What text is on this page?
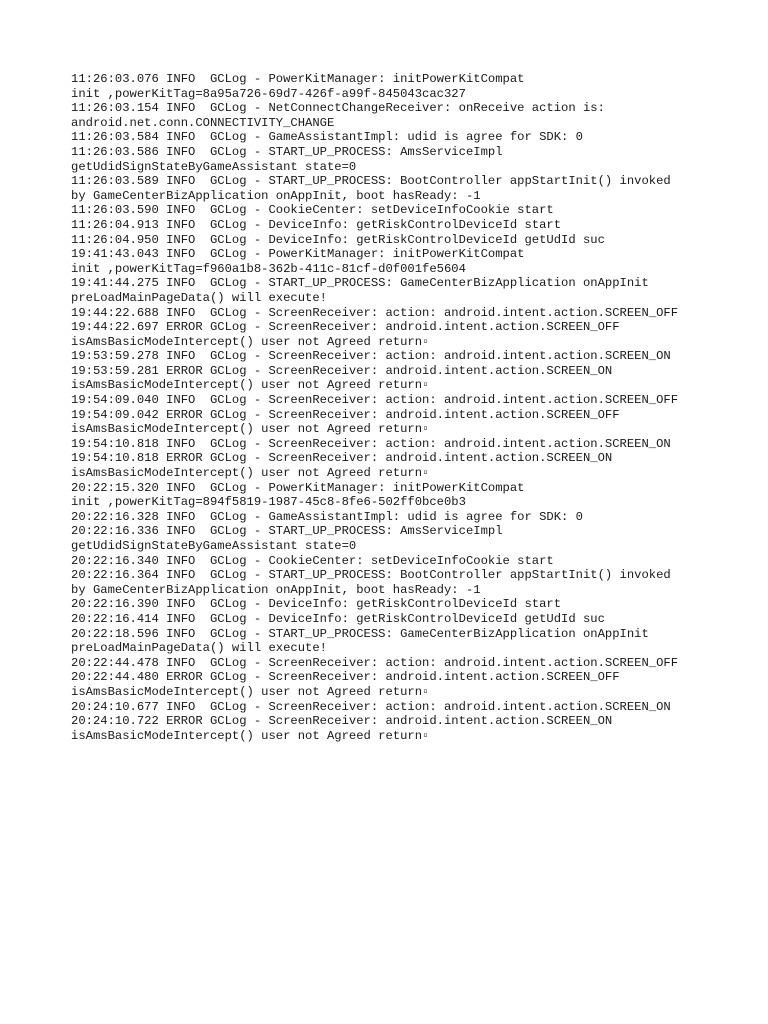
11:26:03.076 INFO  GCLog - PowerKitManager: initPowerKitCompat
init ,powerKitTag=8a95a726-69d7-426f-a99f-845043cac327
11:26:03.154 INFO  GCLog - NetConnectChangeReceiver: onReceive action is:
android.net.conn.CONNECTIVITY_CHANGE
11:26:03.584 INFO  GCLog - GameAssistantImpl: udid is agree for SDK: 0
11:26:03.586 INFO  GCLog - START_UP_PROCESS: AmsServiceImpl
getUdidSignStateByGameAssistant state=0
11:26:03.589 INFO  GCLog - START_UP_PROCESS: BootController appStartInit() invoked
by GameCenterBizApplication onAppInit, boot hasReady: -1
11:26:03.590 INFO  GCLog - CookieCenter: setDeviceInfoCookie start
11:26:04.913 INFO  GCLog - DeviceInfo: getRiskControlDeviceId start
11:26:04.950 INFO  GCLog - DeviceInfo: getRiskControlDeviceId getUdId suc
19:41:43.043 INFO  GCLog - PowerKitManager: initPowerKitCompat
init ,powerKitTag=f960a1b8-362b-411c-81cf-d0f001fe5604
19:41:44.275 INFO  GCLog - START_UP_PROCESS: GameCenterBizApplication onAppInit
preLoadMainPageData() will execute!
19:44:22.688 INFO  GCLog - ScreenReceiver: action: android.intent.action.SCREEN_OFF
19:44:22.697 ERROR GCLog - ScreenReceiver: android.intent.action.SCREEN_OFF
isAmsBasicModeIntercept() user not Agreed return▫
19:53:59.278 INFO  GCLog - ScreenReceiver: action: android.intent.action.SCREEN_ON
19:53:59.281 ERROR GCLog - ScreenReceiver: android.intent.action.SCREEN_ON
isAmsBasicModeIntercept() user not Agreed return▫
19:54:09.040 INFO  GCLog - ScreenReceiver: action: android.intent.action.SCREEN_OFF
19:54:09.042 ERROR GCLog - ScreenReceiver: android.intent.action.SCREEN_OFF
isAmsBasicModeIntercept() user not Agreed return▫
19:54:10.818 INFO  GCLog - ScreenReceiver: action: android.intent.action.SCREEN_ON
19:54:10.818 ERROR GCLog - ScreenReceiver: android.intent.action.SCREEN_ON
isAmsBasicModeIntercept() user not Agreed return▫
20:22:15.320 INFO  GCLog - PowerKitManager: initPowerKitCompat
init ,powerKitTag=894f5819-1987-45c8-8fe6-502ff0bce0b3
20:22:16.328 INFO  GCLog - GameAssistantImpl: udid is agree for SDK: 0
20:22:16.336 INFO  GCLog - START_UP_PROCESS: AmsServiceImpl
getUdidSignStateByGameAssistant state=0
20:22:16.340 INFO  GCLog - CookieCenter: setDeviceInfoCookie start
20:22:16.364 INFO  GCLog - START_UP_PROCESS: BootController appStartInit() invoked
by GameCenterBizApplication onAppInit, boot hasReady: -1
20:22:16.390 INFO  GCLog - DeviceInfo: getRiskControlDeviceId start
20:22:16.414 INFO  GCLog - DeviceInfo: getRiskControlDeviceId getUdId suc
20:22:18.596 INFO  GCLog - START_UP_PROCESS: GameCenterBizApplication onAppInit
preLoadMainPageData() will execute!
20:22:44.478 INFO  GCLog - ScreenReceiver: action: android.intent.action.SCREEN_OFF
20:22:44.480 ERROR GCLog - ScreenReceiver: android.intent.action.SCREEN_OFF
isAmsBasicModeIntercept() user not Agreed return▫
20:24:10.677 INFO  GCLog - ScreenReceiver: action: android.intent.action.SCREEN_ON
20:24:10.722 ERROR GCLog - ScreenReceiver: android.intent.action.SCREEN_ON
isAmsBasicModeIntercept() user not Agreed return▫
